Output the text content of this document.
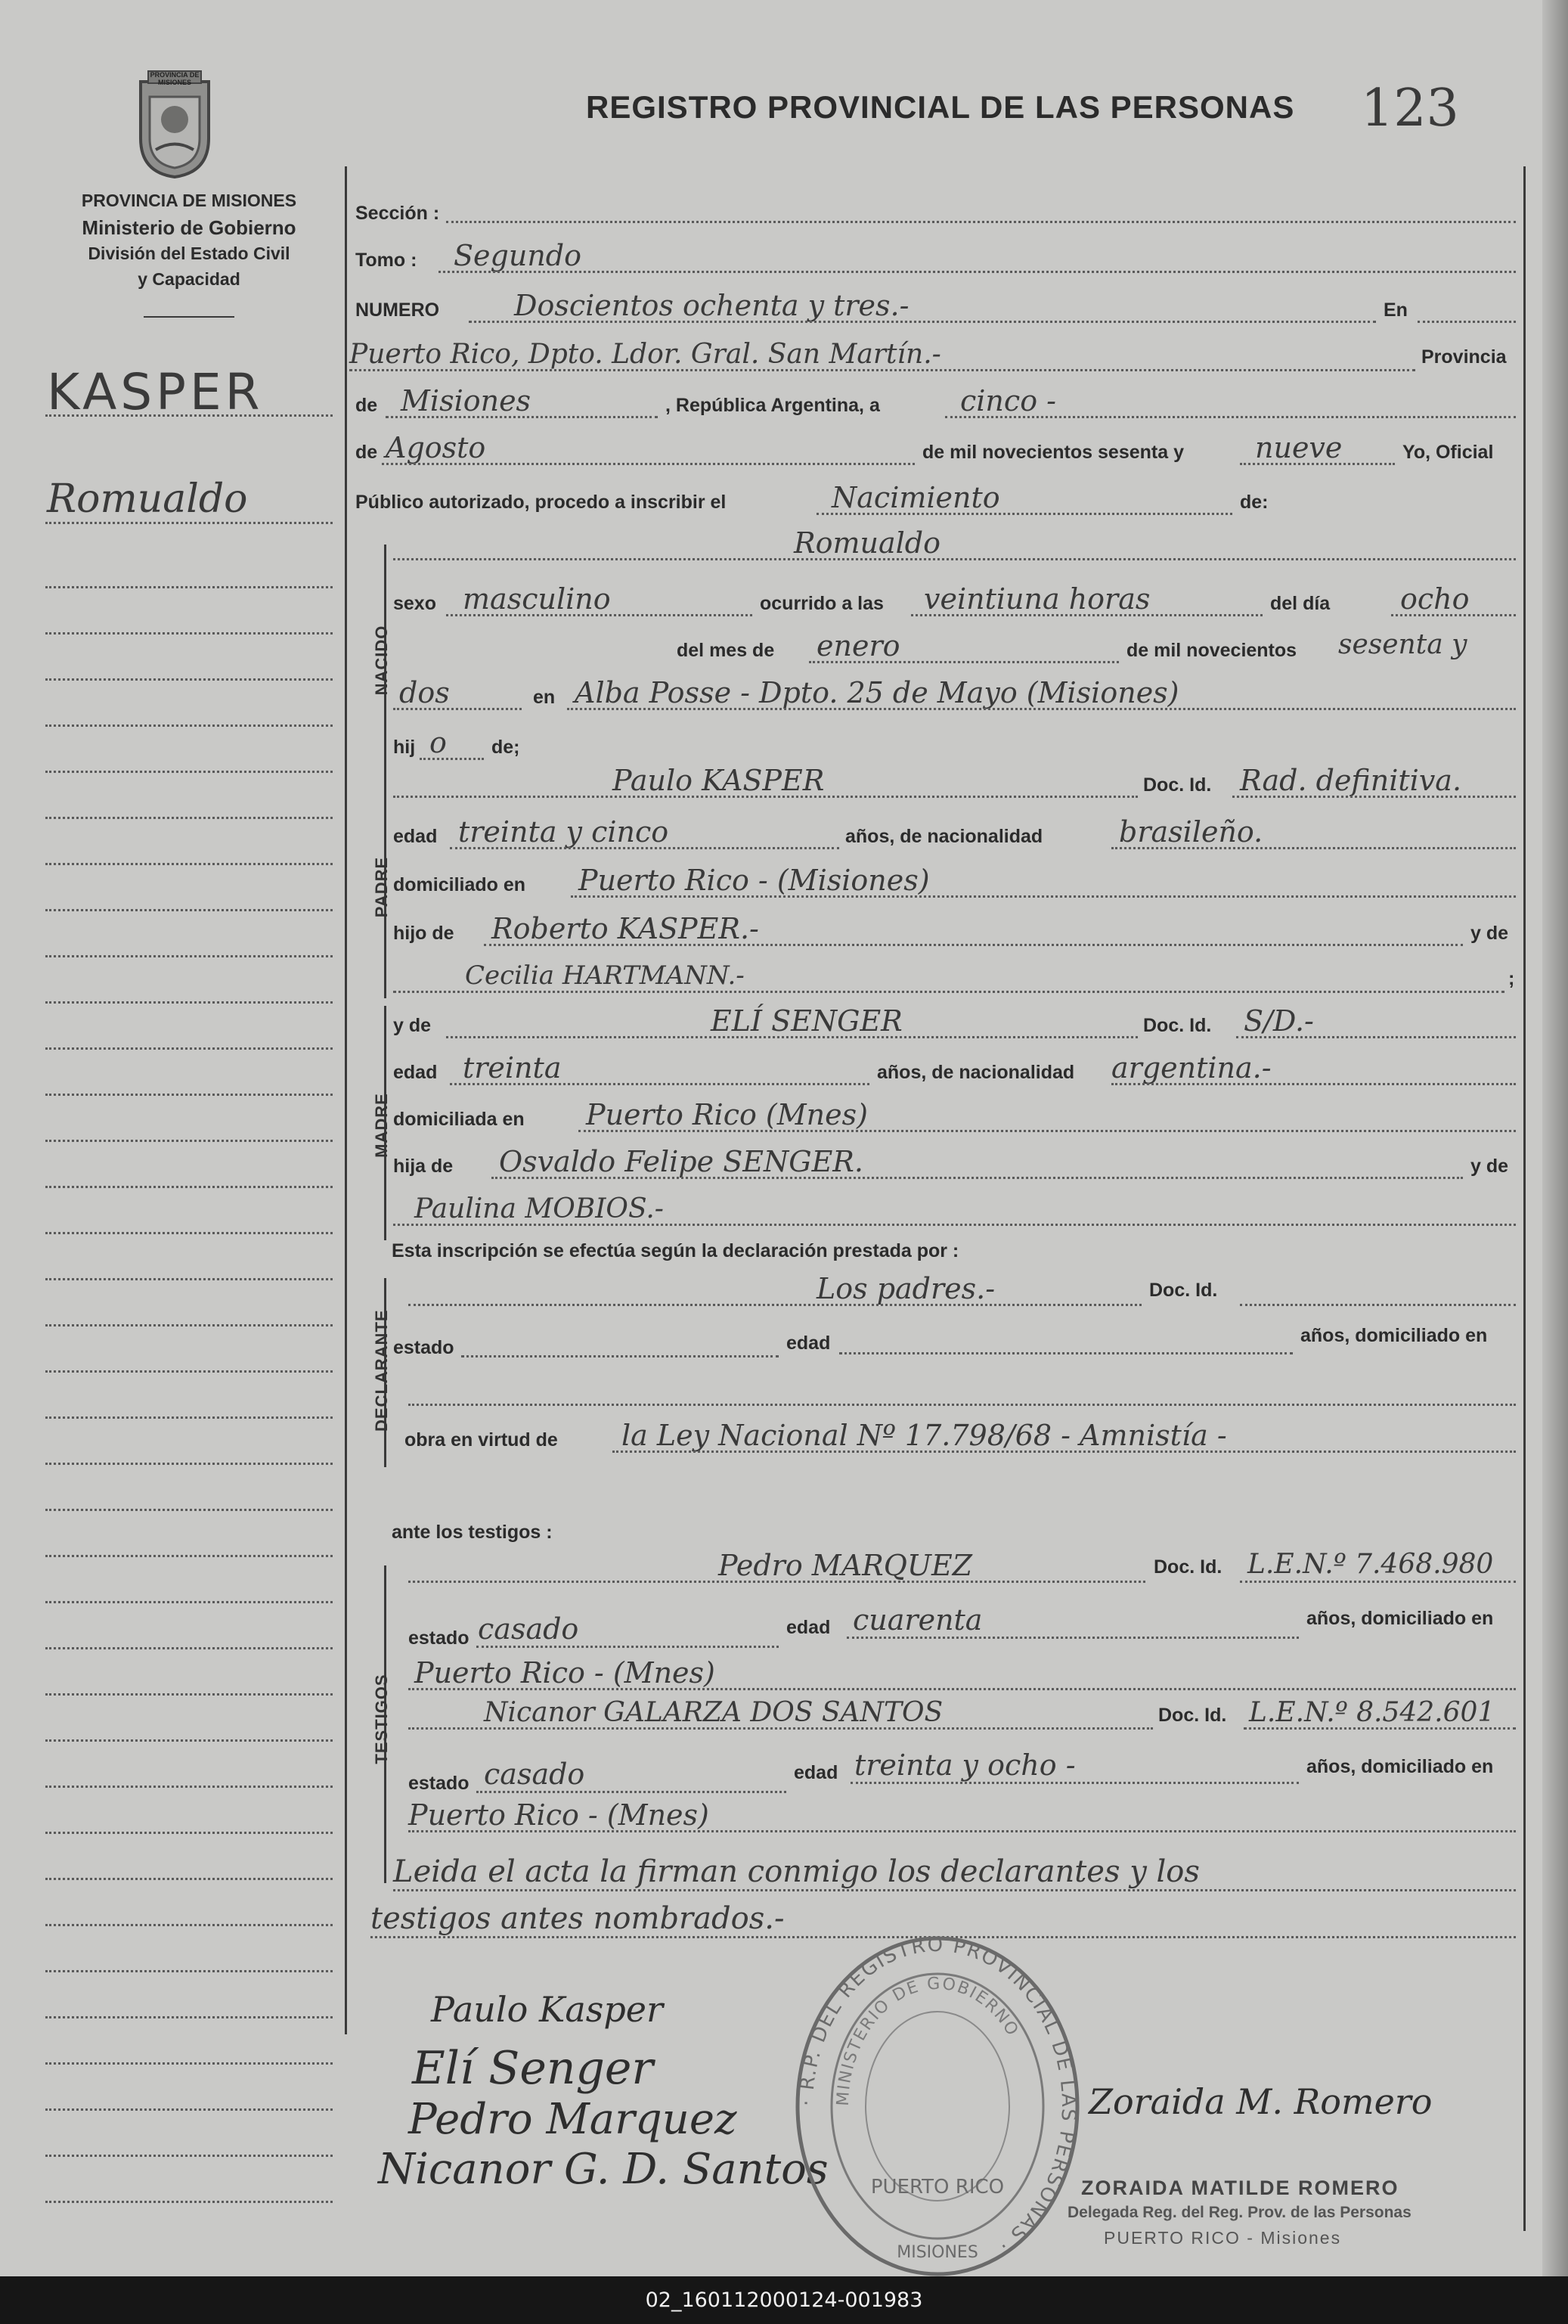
PROVINCIA DE MISIONES
PROVINCIA DE MISIONES
Ministerio de Gobierno
División del Estado Civil
y Capacidad
REGISTRO PROVINCIAL DE LAS PERSONAS 123
KASPER
Romualdo
Sección :
Tomo : Segundo
NUMERO	Doscientos ochenta y tres.-	En
Puerto Rico, Dpto. Ldor. Gral. San Martín.-	Provincia
de Misiones	, República Argentina, a	cinco -
de Agosto	de mil novecientos sesenta y nueve	Yo, Oficial
Público autorizado, procedo a inscribir el	Nacimiento	de:
NACIDO
Romualdo
sexo masculino	ocurrido a las veintiuna horas	del día ocho
del mes de enero	de mil novecientos sesenta y
dos	en Alba Posse - Dpto. 25 de Mayo (Misiones)
hij o de;
PADRE
Paulo KASPER	Doc. Id. Rad. definitiva.
edad treinta y cinco	años, de nacionalidad	brasileño.
domiciliado en Puerto Rico - (Misiones)
hijo de Roberto KASPER.-	y de
Cecilia HARTMANN.-	;
MADRE
y de	ELÍ SENGER	Doc. Id. S/D.-
edad treinta	años, de nacionalidad argentina.-
domiciliada en Puerto Rico (Mnes)
hija de Osvaldo Felipe SENGER.	y de
Paulina MOBIOS.-
Esta inscripción se efectúa según la declaración prestada por :
DECLARANTE
Los padres.-	Doc. Id.
estado	edad	años, domiciliado en
obra en virtud de la Ley Nacional Nº 17.798/68 - Amnistía -
ante los testigos :
TESTIGOS
Pedro MARQUEZ	Doc. Id. L.E.N.º 7.468.980
estado casado	edad cuarenta	años, domiciliado en
Puerto Rico - (Mnes)
Nicanor GALARZA DOS SANTOS	Doc. Id. L.E.N.º 8.542.601
estado casado	edad treinta y ocho -	años, domiciliado en
Puerto Rico - (Mnes)
Leida el acta la firman conmigo los declarantes y los
testigos antes nombrados.-
Paulo Kasper
Elí Senger
Pedro Marquez
Nicanor G. D. Santos
Zoraida M. Romero
· R.P. DEL REGISTRO PROVINCIAL DE LAS PERSONAS ·
MINISTERIO DE GOBIERNO
PUERTO RICO
MISIONES
ZORAIDA MATILDE ROMERO
Delegada Reg. del Reg. Prov. de las Personas
PUERTO RICO - Misiones
02_160112000124-001983
